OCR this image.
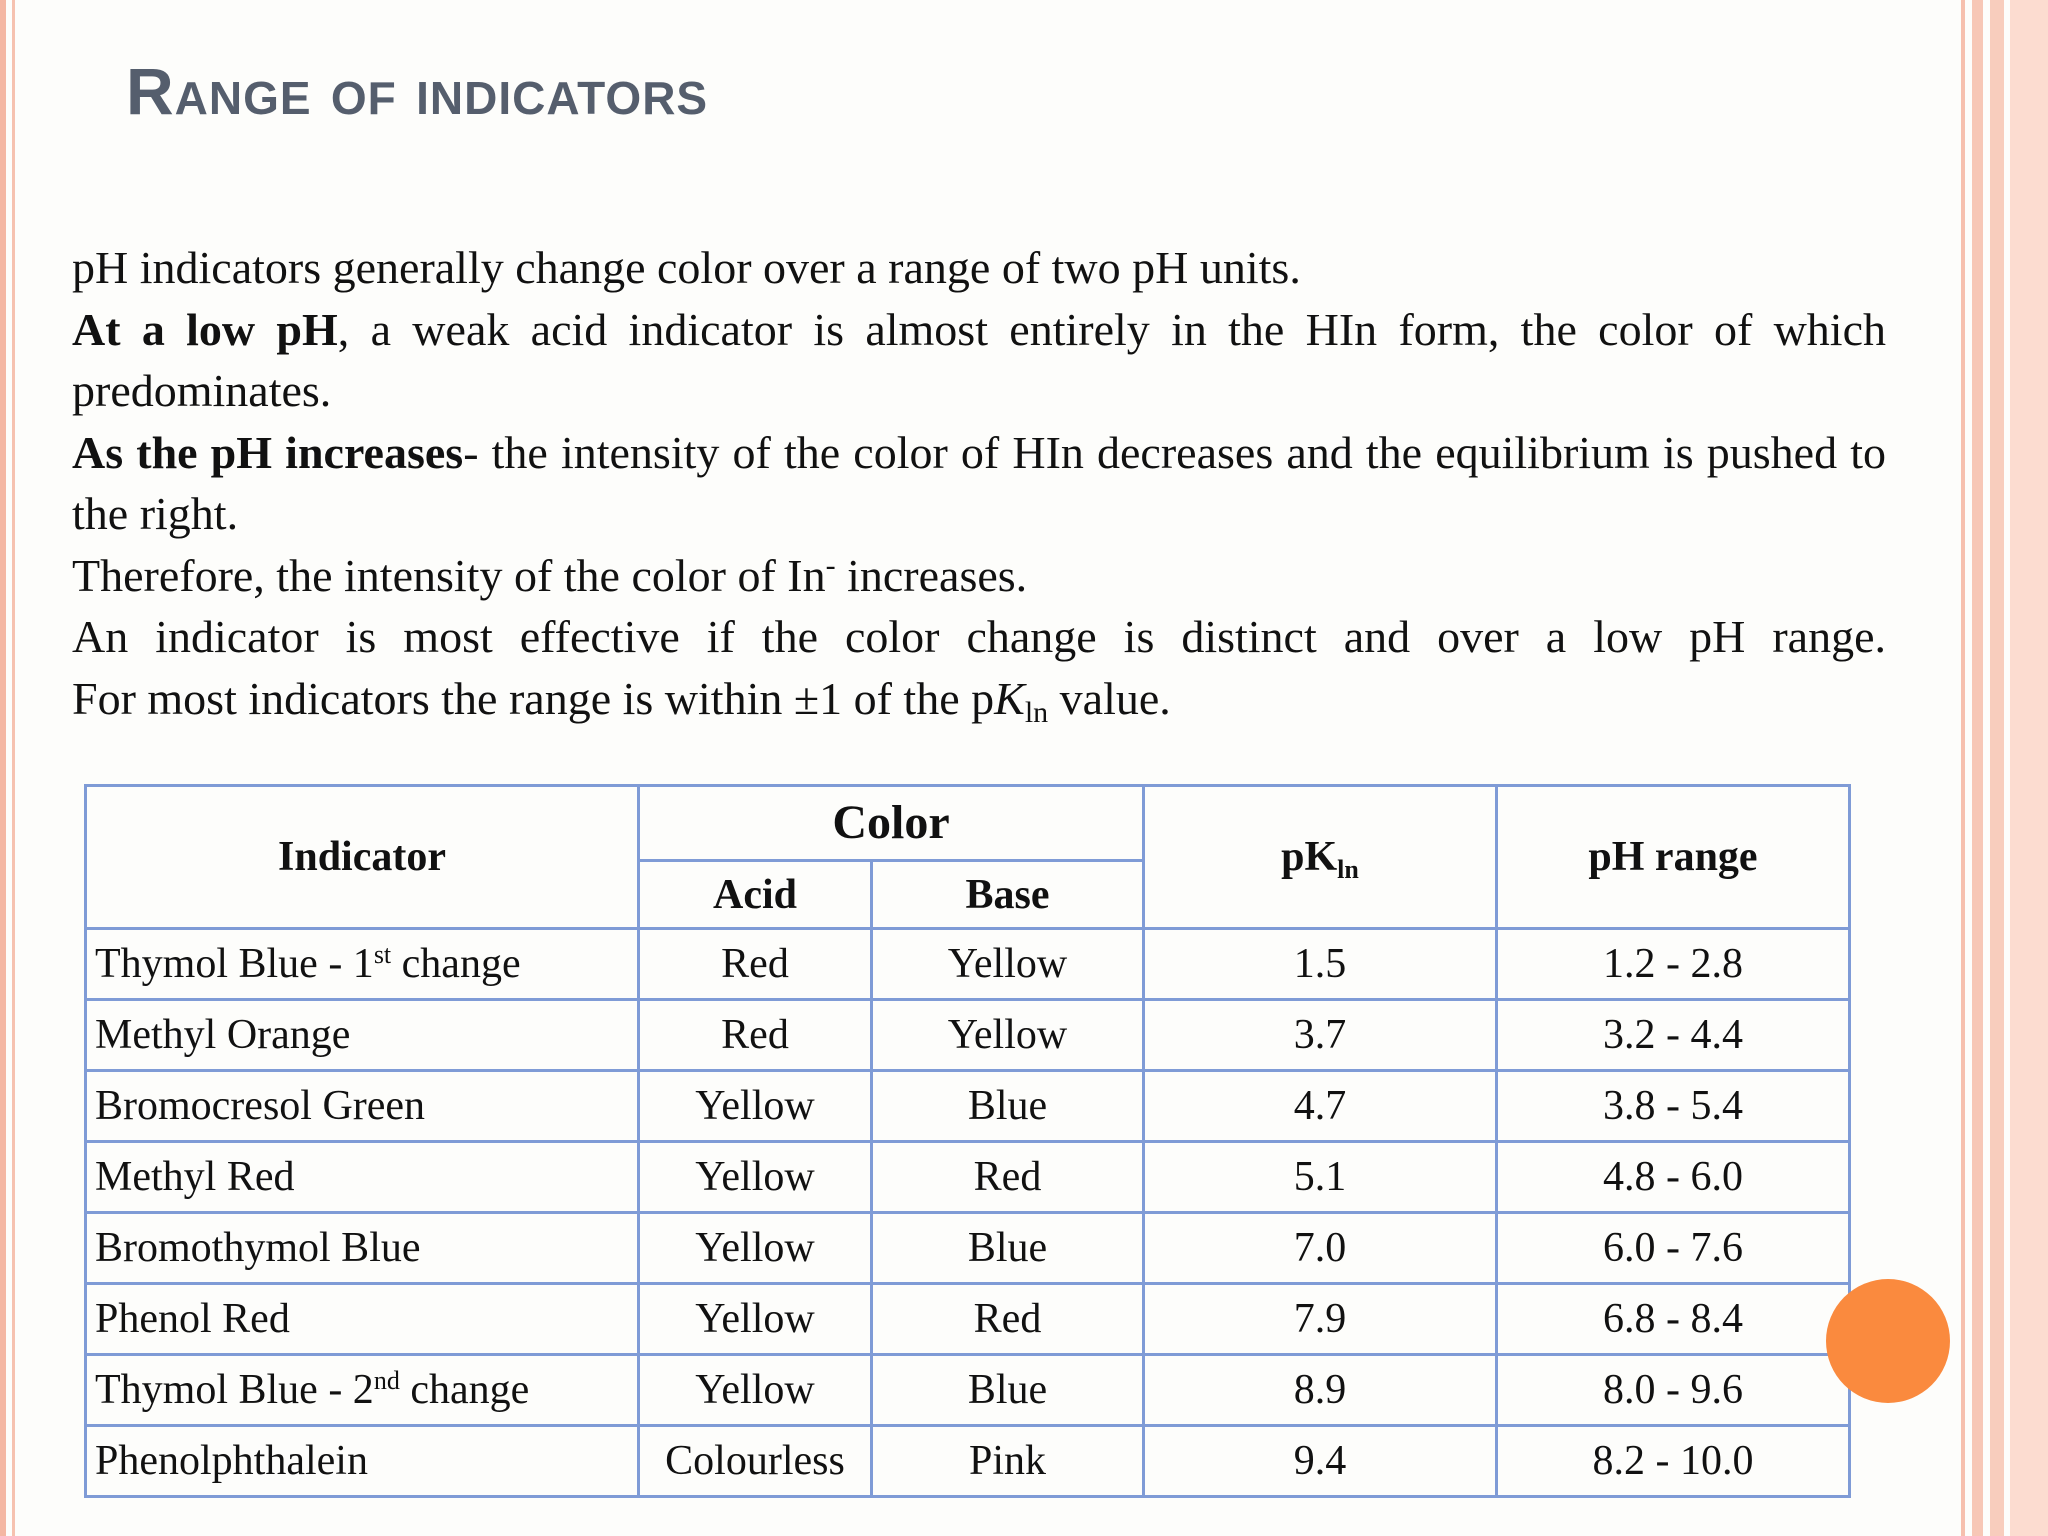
Range of indicators

pH indicators generally change color over a range of two pH units.

At a low pH, a weak acid indicator is almost entirely in the HIn form, the color of which predominates.

As the pH increases- the intensity of the color of HIn decreases and the equilibrium is pushed to the right.

Therefore, the intensity of the color of In- increases.

An indicator is most effective if the color change is distinct and over a low pH range.

For most indicators the range is within ±1 of the $pK_{ln}$ value.

Indicator	Color		$pK_{ln}$	pH range
	Acid	Base		
Thymol Blue - 1st change	Red	Yellow	1.5	1.2 - 2.8
Methyl Orange	Red	Yellow	3.7	3.2 - 4.4
Bromocresol Green	Yellow	Blue	4.7	3.8 - 5.4
Methyl Red	Yellow	Red	5.1	4.8 - 6.0
Bromothymol Blue	Yellow	Blue	7.0	6.0 - 7.6
Phenol Red	Yellow	Red	7.9	6.8 - 8.4
Thymol Blue - 2nd change	Yellow	Blue	8.9	8.0 - 9.6
Phenolphthalein	Colourless	Pink	9.4	8.2 - 10.0
